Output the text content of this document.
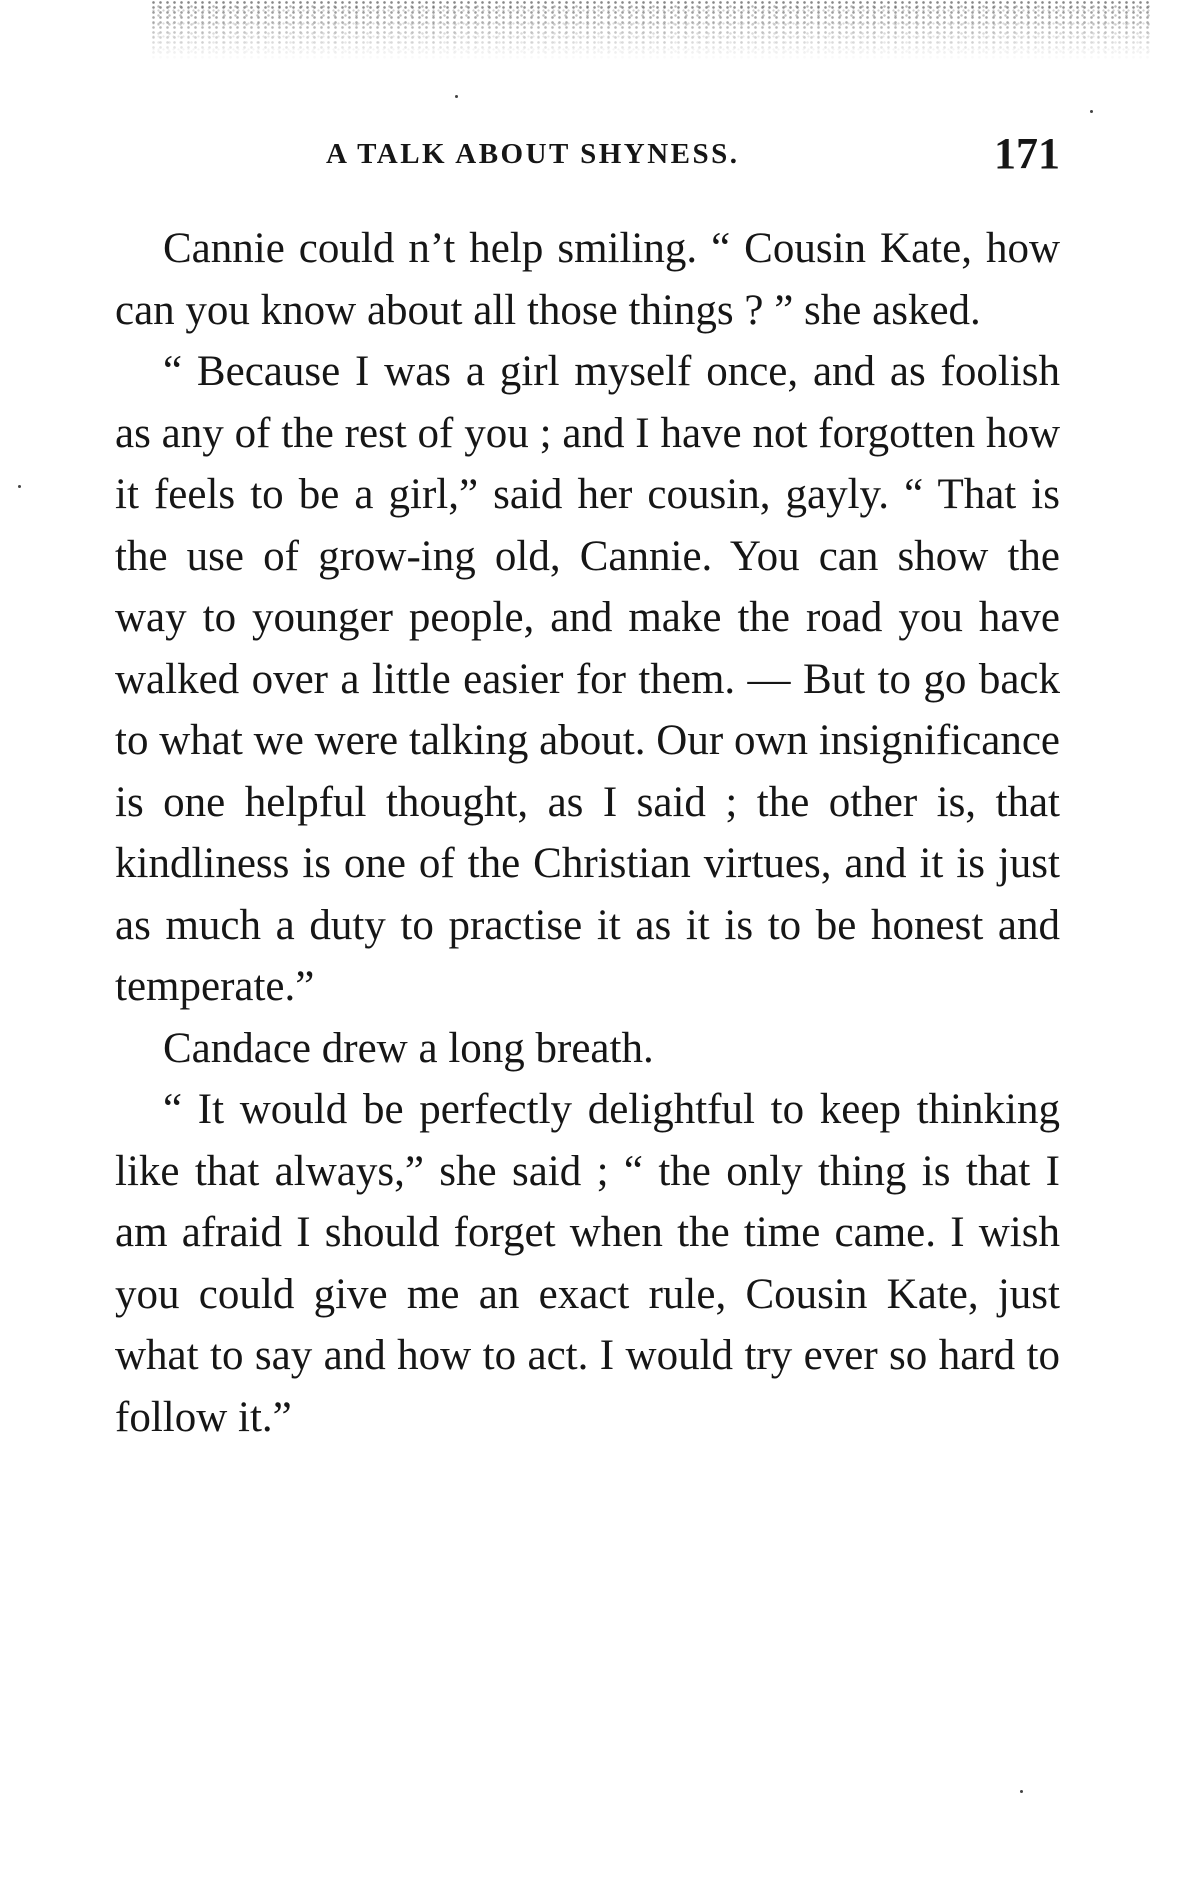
A TALK ABOUT SHYNESS.	171

Cannie could n’t help smiling. “ Cousin Kate, how can you know about all those things ? ” she asked.

“ Because I was a girl myself once, and as foolish as any of the rest of you ; and I have not forgotten how it feels to be a girl,” said her cousin, gayly. “ That is the use of grow-ing old, Cannie. You can show the way to younger people, and make the road you have walked over a little easier for them. — But to go back to what we were talking about. Our own insignificance is one helpful thought, as I said ; the other is, that kindliness is one of the Christian virtues, and it is just as much a duty to practise it as it is to be honest and temperate.”

Candace drew a long breath.

“ It would be perfectly delightful to keep thinking like that always,” she said ; “ the only thing is that I am afraid I should forget when the time came. I wish you could give me an exact rule, Cousin Kate, just what to say and how to act. I would try ever so hard to follow it.”
